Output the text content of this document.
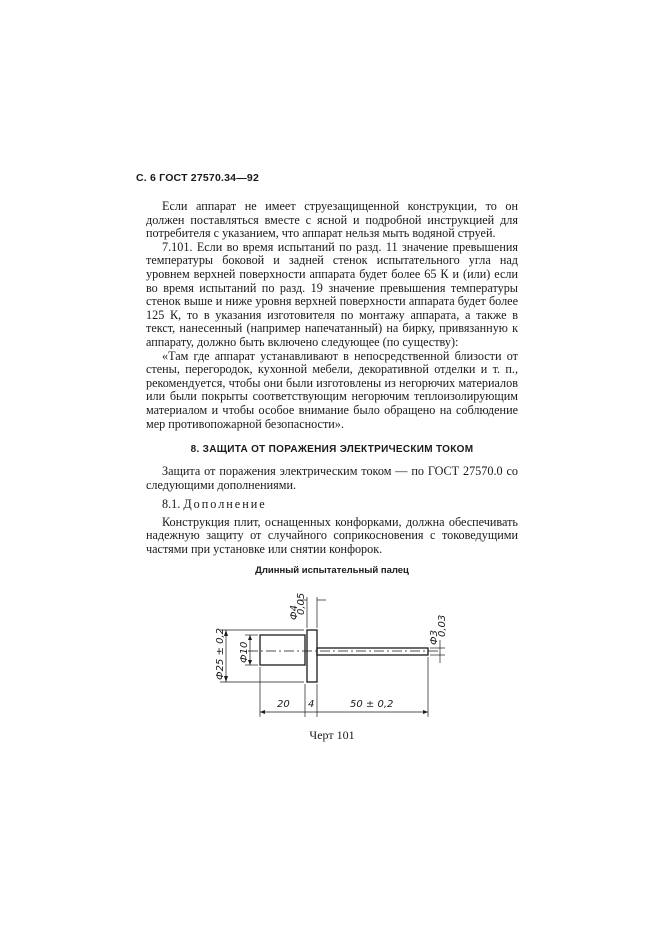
С. 6 ГОСТ 27570.34—92

Если аппарат не имеет струезащищенной конструкции, то он должен поставляться вместе с ясной и подробной инструкцией для потребителя с указанием, что аппарат нельзя мыть водяной струей.

7.101. Если во время испытаний по разд. 11 значение превышения температуры боковой и задней стенок испытательного угла над уровнем верхней поверхности аппарата будет более 65 К и (или) если во время испытаний по разд. 19 значение превышения температуры стенок выше и ниже уровня верхней поверхности аппарата будет более 125 К, то в указания изготовителя по монтажу аппарата, а также в текст, нанесенный (например напечатанный) на бирку, привязанную к аппарату, должно быть включено следующее (по существу):

«Там где аппарат устанавливают в непосредственной близости от стены, перегородок, кухонной мебели, декоративной отделки и т. п., рекомендуется, чтобы они были изготовлены из негорючих материалов или были покрыты соответствующим негорючим теплоизолирующим материалом и чтобы особое внимание было обращено на соблюдение мер противопожарной безопасности».

8. ЗАЩИТА ОТ ПОРАЖЕНИЯ ЭЛЕКТРИЧЕСКИМ ТОКОМ

Защита от поражения электрическим током — по ГОСТ 27570.0 со следующими дополнениями.

8.1. Дополнение

Конструкция плит, оснащенных конфорками, должна обеспечивать надежную защиту от случайного соприкосновения с токоведущими частями при установке или снятии конфорок.

Длинный испытательный палец
Ф25 ± 0,2 Ф10
Ф4
0,05
Ф3
0,03
20 4	50 ± 0,2
Черт 101
